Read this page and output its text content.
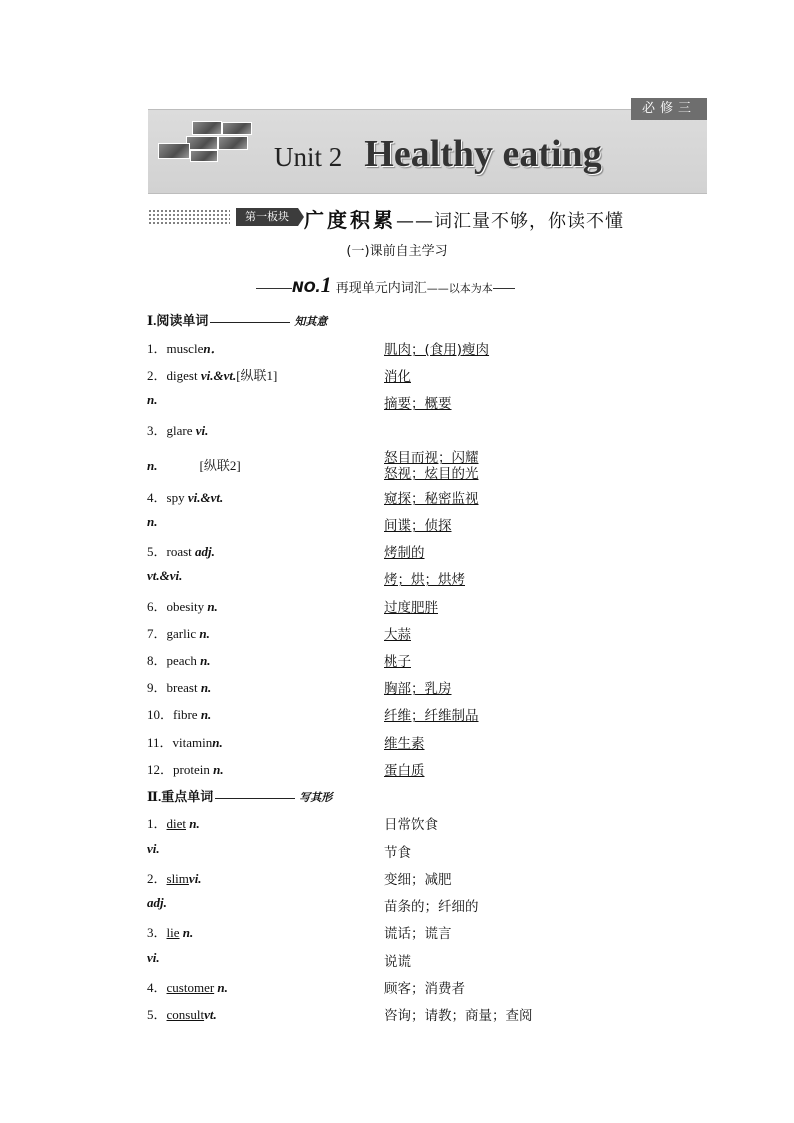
必修三
Unit 2 Healthy eating
第一板块 广度积累——词汇量不够，你读不懂
(一)课前自主学习
NO.1 再现单元内词汇——以本为本
Ⅰ.阅读单词	知其意
1．musclen．	肌肉；(食用)瘦肉
2．digest vi.&vt.[纵联1]	消化
n.	摘要；概要
3．glare vi.
n.	[纵联2]	怒目而视；闪耀
怒视；炫目的光
4．spy vi.&vt.	窥探；秘密监视
n.	间谍；侦探
5．roast adj.	烤制的
vt.&vi.	烤；烘；烘烤
6．obesity n.	过度肥胖
7．garlic n.	大蒜
8．peach n.	桃子
9．breast n.	胸部；乳房
10．fibre n.	纤维；纤维制品
11．vitaminn.	维生素
12．protein n.	蛋白质
Ⅱ.重点单词	写其形
1．diet n.	日常饮食
vi.	节食
2．slimvi.	变细；减肥
adj.	苗条的；纤细的
3．lie n.	谎话；谎言
vi.	说谎
4．customer n.	顾客；消费者
5．consultvt.	咨询；请教；商量；查阅
